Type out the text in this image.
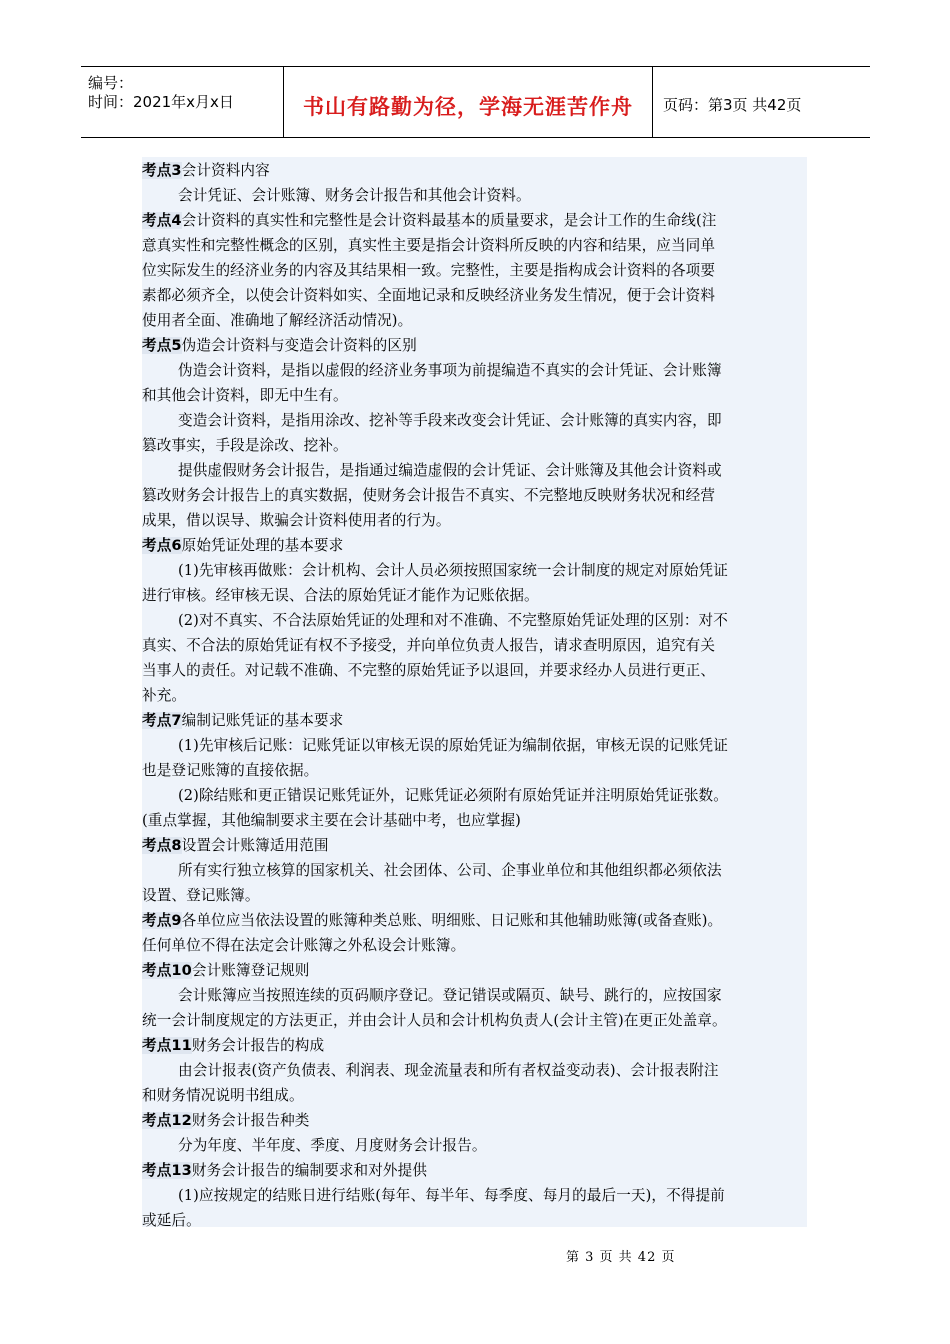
编号：
时间：2021年x月x日	书山有路勤为径，学海无涯苦作舟	页码：第3页 共42页
考点3会计资料内容
会计凭证、会计账簿、财务会计报告和其他会计资料。
考点4会计资料的真实性和完整性是会计资料最基本的质量要求，是会计工作的生命线(注
意真实性和完整性概念的区别，真实性主要是指会计资料所反映的内容和结果，应当同单
位实际发生的经济业务的内容及其结果相一致。完整性，主要是指构成会计资料的各项要
素都必须齐全，以使会计资料如实、全面地记录和反映经济业务发生情况，便于会计资料
使用者全面、准确地了解经济活动情况)。
考点5伪造会计资料与变造会计资料的区别
伪造会计资料，是指以虚假的经济业务事项为前提编造不真实的会计凭证、会计账簿
和其他会计资料，即无中生有。
变造会计资料，是指用涂改、挖补等手段来改变会计凭证、会计账簿的真实内容，即
篡改事实，手段是涂改、挖补。
提供虚假财务会计报告，是指通过编造虚假的会计凭证、会计账簿及其他会计资料或
篡改财务会计报告上的真实数据，使财务会计报告不真实、不完整地反映财务状况和经营
成果，借以误导、欺骗会计资料使用者的行为。
考点6原始凭证处理的基本要求
(1)先审核再做账：会计机构、会计人员必须按照国家统一会计制度的规定对原始凭证
进行审核。经审核无误、合法的原始凭证才能作为记账依据。
(2)对不真实、不合法原始凭证的处理和对不准确、不完整原始凭证处理的区别：对不
真实、不合法的原始凭证有权不予接受，并向单位负责人报告，请求查明原因，追究有关
当事人的责任。对记载不准确、不完整的原始凭证予以退回，并要求经办人员进行更正、
补充。
考点7编制记账凭证的基本要求
(1)先审核后记账：记账凭证以审核无误的原始凭证为编制依据，审核无误的记账凭证
也是登记账簿的直接依据。
(2)除结账和更正错误记账凭证外，记账凭证必须附有原始凭证并注明原始凭证张数。
(重点掌握，其他编制要求主要在会计基础中考，也应掌握)
考点8设置会计账簿适用范围
所有实行独立核算的国家机关、社会团体、公司、企事业单位和其他组织都必须依法
设置、登记账簿。
考点9各单位应当依法设置的账簿种类总账、明细账、日记账和其他辅助账簿(或备查账)。
任何单位不得在法定会计账簿之外私设会计账簿。
考点10会计账簿登记规则
会计账簿应当按照连续的页码顺序登记。登记错误或隔页、缺号、跳行的，应按国家
统一会计制度规定的方法更正，并由会计人员和会计机构负责人(会计主管)在更正处盖章。
考点11财务会计报告的构成
由会计报表(资产负债表、利润表、现金流量表和所有者权益变动表)、会计报表附注
和财务情况说明书组成。
考点12财务会计报告种类
分为年度、半年度、季度、月度财务会计报告。
考点13财务会计报告的编制要求和对外提供
(1)应按规定的结账日进行结账(每年、每半年、每季度、每月的最后一天)，不得提前
或延后。
第 3 页 共 42 页
